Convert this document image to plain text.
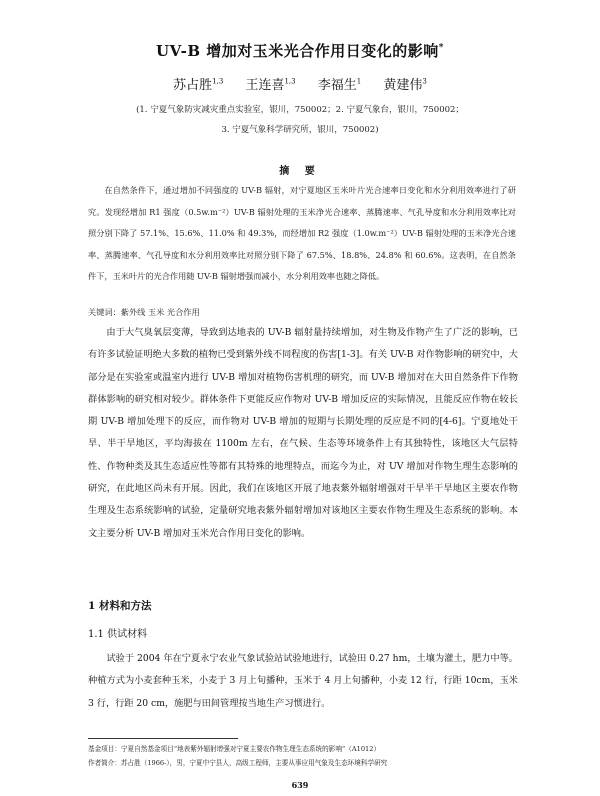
UV-B 增加对玉米光合作用日变化的影响*
苏占胜$^{1,3}$ 王连喜$^{1,3}$ 李福生$^1$ 黄建伟$^3$
(1. 宁夏气象防灾减灾重点实验室，银川，750002；2. 宁夏气象台，银川，750002；
3. 宁夏气象科学研究所，银川，750002)
摘 要

在自然条件下，通过增加不同强度的 UV-B 辐射，对宁夏地区玉米叶片光合速率日变化和水分利用效率进行了研究。发现经增加 R1 强度（0.5w.m⁻²）UV-B 辐射处理的玉米净光合速率、蒸腾速率、气孔导度和水分利用效率比对照分别下降了 57.1%、15.6%、11.0% 和 49.3%，而经增加 R2 强度（1.0w.m⁻²）UV-B 辐射处理的玉米净光合速率、蒸腾速率、气孔导度和水分利用效率比对照分别下降了 67.5%、18.8%、24.8% 和 60.6%。这表明，在自然条件下，玉米叶片的光合作用随 UV-B 辐射增强而减小，水分利用效率也随之降低。

关键词：紫外线 玉米 光合作用

由于大气臭氧层变薄，导致到达地表的 UV-B 辐射量持续增加，对生物及作物产生了广泛的影响，已有许多试验证明绝大多数的植物已受到紫外线不同程度的伤害[1-3]。有关 UV-B 对作物影响的研究中，大部分是在实验室或温室内进行 UV-B 增加对植物伤害机理的研究，而 UV-B 增加对在大田自然条件下作物群体影响的研究相对较少。群体条件下更能反应作物对 UV-B 增加反应的实际情况，且能反应作物在较长期 UV-B 增加处理下的反应，而作物对 UV-B 增加的短期与长期处理的反应是不同的[4-6]。宁夏地处干旱、半干旱地区，平均海拔在 1100m 左右，在气候、生态等环境条件上有其独特性，该地区大气层特性、作物种类及其生态适应性等都有其特殊的地理特点，而迄今为止，对 UV 增加对作物生理生态影响的研究，在此地区尚未有开展。因此，我们在该地区开展了地表紫外辐射增强对干旱半干旱地区主要农作物生理及生态系统影响的试验，定量研究地表紫外辐射增加对该地区主要农作物生理及生态系统的影响。本文主要分析 UV-B 增加对玉米光合作用日变化的影响。

1 材料和方法

1.1 供试材料

试验于 2004 年在宁夏永宁农业气象试验站试验地进行，试验田 0.27 hm，土壤为灌土，肥力中等。种植方式为小麦套种玉米，小麦于 3 月上旬播种，玉米于 4 月上旬播种，小麦 12 行，行距 10cm，玉米 3 行，行距 20 cm，施肥与田间管理按当地生产习惯进行。

基金项目：宁夏自然基金项目“地表紫外辐射增强对宁夏主要农作物生理生态系统的影响”（A1012）

作者简介：苏占胜（1966-），男，宁夏中宁县人，高级工程师，主要从事应用气象及生态环境科学研究

639
